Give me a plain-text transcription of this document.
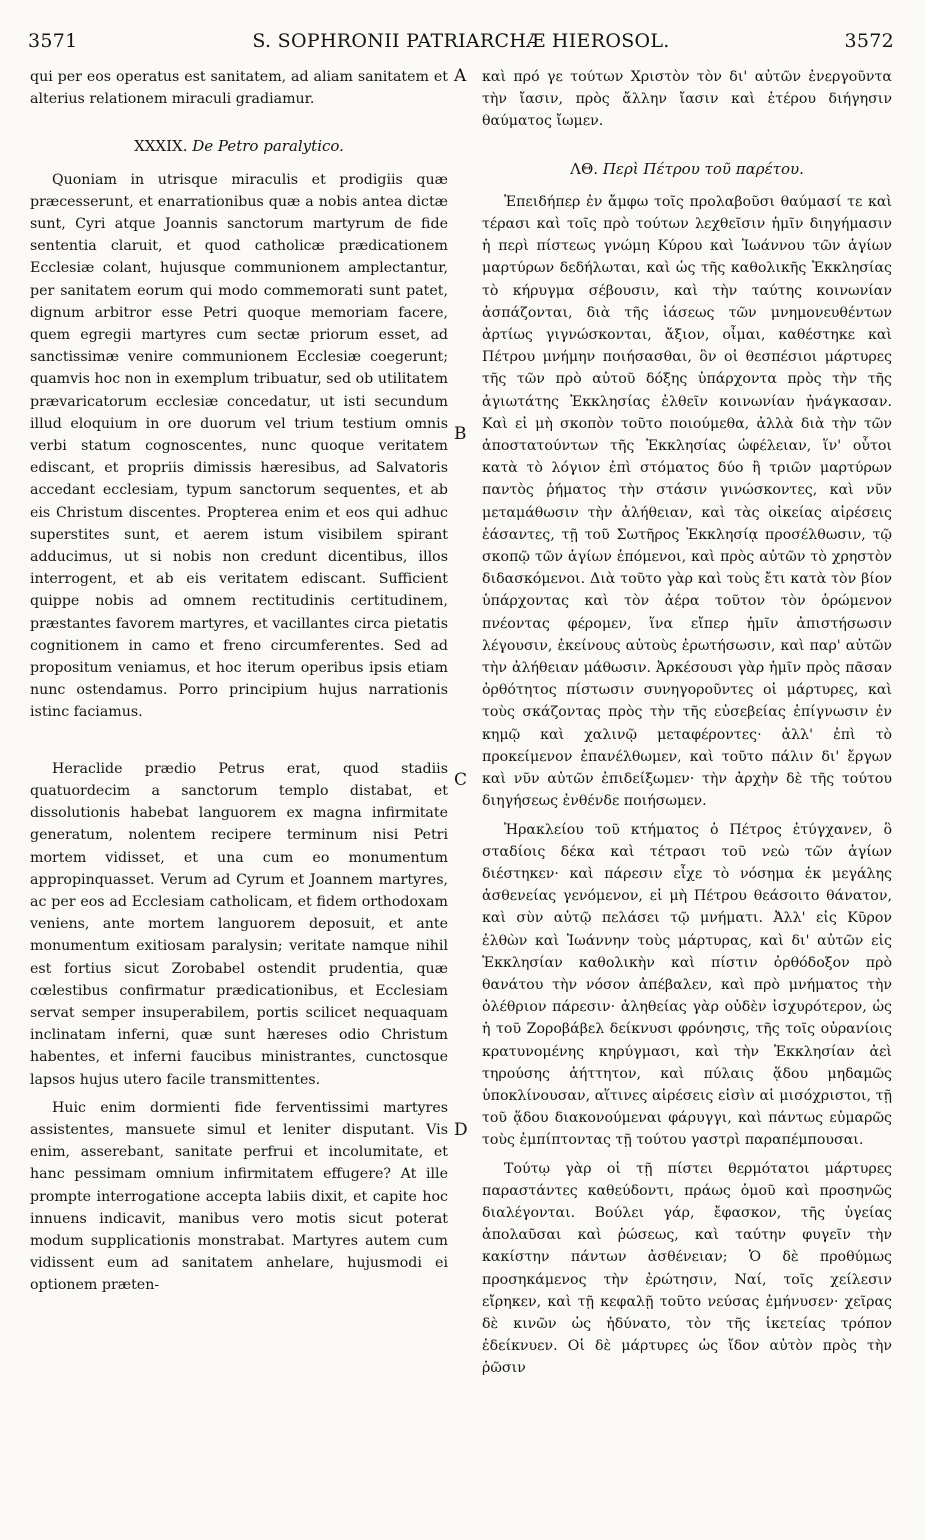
3571	S. SOPHRONII PATRIARCHÆ HIEROSOL.	3572
A
B
C
D

qui per eos operatus est sanitatem, ad aliam sanitatem et alterius relationem miraculi gradiamur.

XXXIX. De Petro paralytico.

Quoniam in utrisque miraculis et prodigiis quæ præcesserunt, et enarrationibus quæ a nobis antea dictæ sunt, Cyri atque Joannis sanctorum martyrum de fide sententia claruit, et quod catholicæ prædicationem Ecclesiæ colant, hujusque communionem amplectantur, per sanitatem eorum qui modo commemorati sunt patet, dignum arbitror esse Petri quoque memoriam facere, quem egregii martyres cum sectæ priorum esset, ad sanctissimæ venire communionem Ecclesiæ coegerunt; quamvis hoc non in exemplum tribuatur, sed ob utilitatem prævaricatorum ecclesiæ concedatur, ut isti secundum illud eloquium in ore duorum vel trium testium omnis verbi statum cognoscentes, nunc quoque veritatem ediscant, et propriis dimissis hæresibus, ad Salvatoris accedant ecclesiam, typum sanctorum sequentes, et ab eis Christum discentes. Propterea enim et eos qui adhuc superstites sunt, et aerem istum visibilem spirant adducimus, ut si nobis non credunt dicentibus, illos interrogent, et ab eis veritatem ediscant. Sufficient quippe nobis ad omnem rectitudinis certitudinem, præstantes favorem martyres, et vacillantes circa pietatis cognitionem in camo et freno circumferentes. Sed ad propositum veniamus, et hoc iterum operibus ipsis etiam nunc ostendamus. Porro principium hujus narrationis istinc faciamus.

Heraclide prædio Petrus erat, quod stadiis quatuordecim a sanctorum templo distabat, et dissolutionis habebat languorem ex magna infirmitate generatum, nolentem recipere terminum nisi Petri mortem vidisset, et una cum eo monumentum appropinquasset. Verum ad Cyrum et Joannem martyres, ac per eos ad Ecclesiam catholicam, et fidem orthodoxam veniens, ante mortem languorem deposuit, et ante monumentum exitiosam paralysin; veritate namque nihil est fortius sicut Zorobabel ostendit prudentia, quæ cœlestibus confirmatur prædicationibus, et Ecclesiam servat semper insuperabilem, portis scilicet nequaquam inclinatam inferni, quæ sunt hæreses odio Christum habentes, et inferni faucibus ministrantes, cunctosque lapsos hujus utero facile transmittentes.

Huic enim dormienti fide ferventissimi martyres assistentes, mansuete simul et leniter disputant. Vis enim, asserebant, sanitate perfrui et incolumitate, et hanc pessimam omnium infirmitatem effugere? At ille prompte interrogatione accepta labiis dixit, et capite hoc innuens indicavit, manibus vero motis sicut poterat modum supplicationis monstrabat. Martyres autem cum vidissent eum ad sanitatem anhelare, hujusmodi ei optionem præten-

καὶ πρό γε τούτων Χριστὸν τὸν δι' αὐτῶν ἐνεργοῦντα τὴν ἴασιν, πρὸς ἄλλην ἴασιν καὶ ἑτέρου διήγησιν θαύματος ἴωμεν.

ΛΘ. Περὶ Πέτρου τοῦ παρέτου.

Ἐπειδήπερ ἐν ἄμφω τοῖς προλαβοῦσι θαύμασί τε καὶ τέρασι καὶ τοῖς πρὸ τούτων λεχθεῖσιν ἡμῖν διηγήμασιν ἡ περὶ πίστεως γνώμη Κύρου καὶ Ἰωάννου τῶν ἁγίων μαρτύρων δεδήλωται, καὶ ὡς τῆς καθολικῆς Ἐκκλησίας τὸ κήρυγμα σέβουσιν, καὶ τὴν ταύτης κοινωνίαν ἀσπάζονται, διὰ τῆς ἰάσεως τῶν μνημονευθέντων ἀρτίως γιγνώσκονται, ἄξιον, οἶμαι, καθέστηκε καὶ Πέτρου μνήμην ποιήσασθαι, ὃν οἱ θεσπέσιοι μάρτυρες τῆς τῶν πρὸ αὐτοῦ δόξης ὑπάρχοντα πρὸς τὴν τῆς ἁγιωτάτης Ἐκκλησίας ἐλθεῖν κοινωνίαν ἠνάγκασαν. Καὶ εἰ μὴ σκοπὸν τοῦτο ποιούμεθα, ἀλλὰ διὰ τὴν τῶν ἀποστατούντων τῆς Ἐκκλησίας ὠφέλειαν, ἵν' οὗτοι κατὰ τὸ λόγιον ἐπὶ στόματος δύο ἢ τριῶν μαρτύρων παντὸς ῥήματος τὴν στάσιν γινώσκοντες, καὶ νῦν μεταμάθωσιν τὴν ἀλήθειαν, καὶ τὰς οἰκείας αἱρέσεις ἐάσαντες, τῇ τοῦ Σωτῆρος Ἐκκλησίᾳ προσέλθωσιν, τῷ σκοπῷ τῶν ἁγίων ἑπόμενοι, καὶ πρὸς αὐτῶν τὸ χρηστὸν διδασκόμενοι. Διὰ τοῦτο γὰρ καὶ τοὺς ἔτι κατὰ τὸν βίον ὑπάρχοντας καὶ τὸν ἀέρα τοῦτον τὸν ὁρώμενον πνέοντας φέρομεν, ἵνα εἴπερ ἡμῖν ἀπιστήσωσιν λέγουσιν, ἐκείνους αὐτοὺς ἐρωτήσωσιν, καὶ παρ' αὐτῶν τὴν ἀλήθειαν μάθωσιν. Ἀρκέσουσι γὰρ ἡμῖν πρὸς πᾶσαν ὀρθότητος πίστωσιν συνηγοροῦντες οἱ μάρτυρες, καὶ τοὺς σκάζοντας πρὸς τὴν τῆς εὐσεβείας ἐπίγνωσιν ἐν κημῷ καὶ χαλινῷ μεταφέροντες· ἀλλ' ἐπὶ τὸ προκείμενον ἐπανέλθωμεν, καὶ τοῦτο πάλιν δι' ἔργων καὶ νῦν αὐτῶν ἐπιδείξωμεν· τὴν ἀρχὴν δὲ τῆς τούτου διηγήσεως ἐνθένδε ποιήσωμεν.

Ἡρακλείου τοῦ κτήματος ὁ Πέτρος ἐτύγχανεν, ὃ σταδίοις δέκα καὶ τέτρασι τοῦ νεὼ τῶν ἁγίων διέστηκεν· καὶ πάρεσιν εἶχε τὸ νόσημα ἐκ μεγάλης ἀσθενείας γενόμενον, εἰ μὴ Πέτρου θεάσοιτο θάνατον, καὶ σὺν αὐτῷ πελάσει τῷ μνήματι. Ἀλλ' εἰς Κῦρον ἐλθὼν καὶ Ἰωάννην τοὺς μάρτυρας, καὶ δι' αὐτῶν εἰς Ἐκκλησίαν καθολικὴν καὶ πίστιν ὀρθόδοξον πρὸ θανάτου τὴν νόσον ἀπέβαλεν, καὶ πρὸ μνήματος τὴν ὀλέθριον πάρεσιν· ἀληθείας γὰρ οὐδὲν ἰσχυρότερον, ὡς ἡ τοῦ Ζοροβάβελ δείκνυσι φρόνησις, τῆς τοῖς οὐρανίοις κρατυνομένης κηρύγμασι, καὶ τὴν Ἐκκλησίαν ἀεὶ τηρούσης ἀήττητον, καὶ πύλαις ᾅδου μηδαμῶς ὑποκλίνουσαν, αἵτινες αἱρέσεις εἰσὶν αἱ μισόχριστοι, τῇ τοῦ ᾅδου διακονούμεναι φάρυγγι, καὶ πάντως εὐμαρῶς τοὺς ἐμπίπτοντας τῇ τούτου γαστρὶ παραπέμπουσαι.

Τούτῳ γὰρ οἱ τῇ πίστει θερμότατοι μάρτυρες παραστάντες καθεύδοντι, πράως ὁμοῦ καὶ προσηνῶς διαλέγονται. Βούλει γάρ, ἔφασκον, τῆς ὑγείας ἀπολαῦσαι καὶ ῥώσεως, καὶ ταύτην φυγεῖν τὴν κακίστην πάντων ἀσθένειαν; Ὁ δὲ προθύμως προσηκάμενος τὴν ἐρώτησιν, Ναί, τοῖς χείλεσιν εἴρηκεν, καὶ τῇ κεφαλῇ τοῦτο νεύσας ἐμήνυσεν· χεῖρας δὲ κινῶν ὡς ἠδύνατο, τὸν τῆς ἱκετείας τρόπον ἐδείκνυεν. Οἱ δὲ μάρτυρες ὡς ἴδον αὐτὸν πρὸς τὴν ῥῶσιν
